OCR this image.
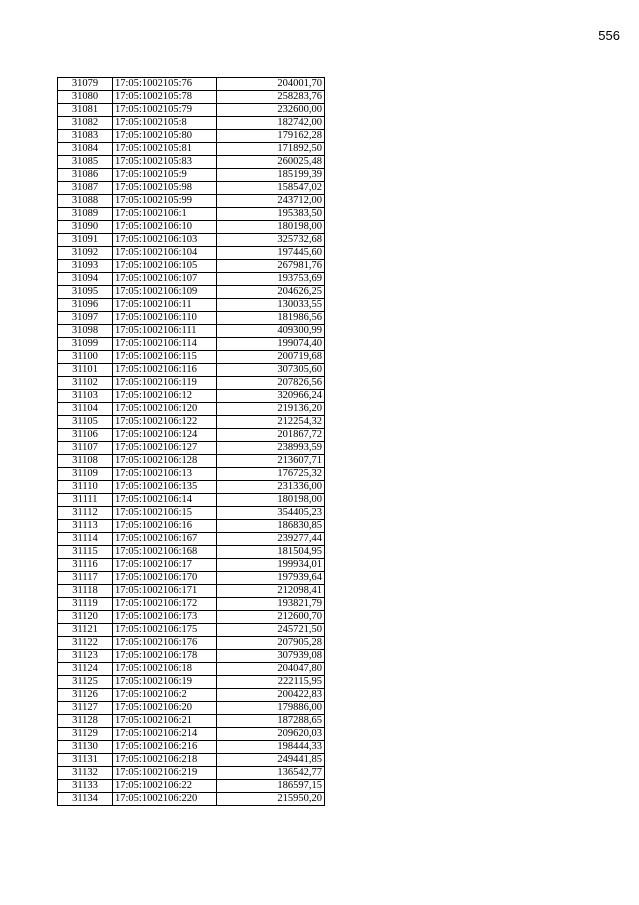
556
31079	17:05:1002105:76	204001,70
31080	17:05:1002105:78	258283,76
31081	17:05:1002105:79	232600,00
31082	17:05:1002105:8	182742,00
31083	17:05:1002105:80	179162,28
31084	17:05:1002105:81	171892,50
31085	17:05:1002105:83	260025,48
31086	17:05:1002105:9	185199,39
31087	17:05:1002105:98	158547,02
31088	17:05:1002105:99	243712,00
31089	17:05:1002106:1	195383,50
31090	17:05:1002106:10	180198,00
31091	17:05:1002106:103	325732,68
31092	17:05:1002106:104	197445,60
31093	17:05:1002106:105	267981,76
31094	17:05:1002106:107	193753,69
31095	17:05:1002106:109	204626,25
31096	17:05:1002106:11	130033,55
31097	17:05:1002106:110	181986,56
31098	17:05:1002106:111	409300,99
31099	17:05:1002106:114	199074,40
31100	17:05:1002106:115	200719,68
31101	17:05:1002106:116	307305,60
31102	17:05:1002106:119	207826,56
31103	17:05:1002106:12	320966,24
31104	17:05:1002106:120	219136,20
31105	17:05:1002106:122	212254,32
31106	17:05:1002106:124	201867,72
31107	17:05:1002106:127	238993,59
31108	17:05:1002106:128	213607,71
31109	17:05:1002106:13	176725,32
31110	17:05:1002106:135	231336,00
31111	17:05:1002106:14	180198,00
31112	17:05:1002106:15	354405,23
31113	17:05:1002106:16	186830,85
31114	17:05:1002106:167	239277,44
31115	17:05:1002106:168	181504,95
31116	17:05:1002106:17	199934,01
31117	17:05:1002106:170	197939,64
31118	17:05:1002106:171	212098,41
31119	17:05:1002106:172	193821,79
31120	17:05:1002106:173	212600,70
31121	17:05:1002106:175	245721,50
31122	17:05:1002106:176	207905,28
31123	17:05:1002106:178	307939,08
31124	17:05:1002106:18	204047,80
31125	17:05:1002106:19	222115,95
31126	17:05:1002106:2	200422,83
31127	17:05:1002106:20	179886,00
31128	17:05:1002106:21	187288,65
31129	17:05:1002106:214	209620,03
31130	17:05:1002106:216	198444,33
31131	17:05:1002106:218	249441,85
31132	17:05:1002106:219	136542,77
31133	17:05:1002106:22	186597,15
31134	17:05:1002106:220	215950,20
